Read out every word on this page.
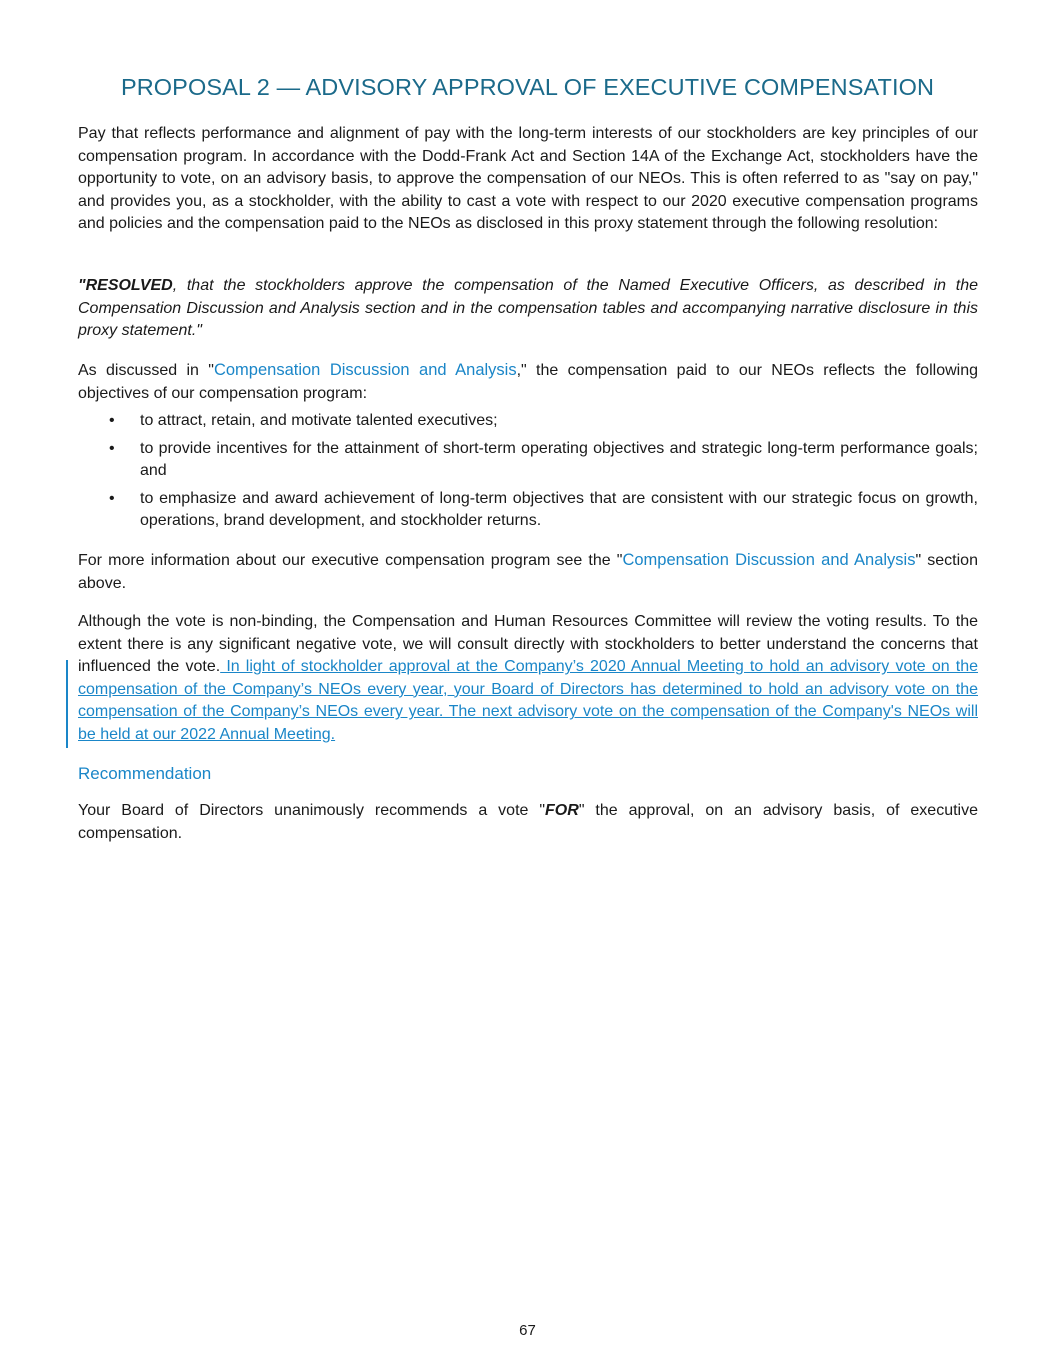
PROPOSAL 2 — ADVISORY APPROVAL OF EXECUTIVE COMPENSATION

Pay that reflects performance and alignment of pay with the long-term interests of our stockholders are key principles of our compensation program. In accordance with the Dodd-Frank Act and Section 14A of the Exchange Act, stockholders have the opportunity to vote, on an advisory basis, to approve the compensation of our NEOs. This is often referred to as "say on pay," and provides you, as a stockholder, with the ability to cast a vote with respect to our 2020 executive compensation programs and policies and the compensation paid to the NEOs as disclosed in this proxy statement through the following resolution:

"RESOLVED, that the stockholders approve the compensation of the Named Executive Officers, as described in the Compensation Discussion and Analysis section and in the compensation tables and accompanying narrative disclosure in this proxy statement."

As discussed in "Compensation Discussion and Analysis," the compensation paid to our NEOs reflects the following objectives of our compensation program:

• to attract, retain, and motivate talented executives;
• to provide incentives for the attainment of short-term operating objectives and strategic long-term performance goals; and
• to emphasize and award achievement of long-term objectives that are consistent with our strategic focus on growth, operations, brand development, and stockholder returns.

For more information about our executive compensation program see the "Compensation Discussion and Analysis" section above.

Although the vote is non-binding, the Compensation and Human Resources Committee will review the voting results. To the extent there is any significant negative vote, we will consult directly with stockholders to better understand the concerns that influenced the vote. In light of stockholder approval at the Company’s 2020 Annual Meeting to hold an advisory vote on the compensation of the Company’s NEOs every year, your Board of Directors has determined to hold an advisory vote on the compensation of the Company’s NEOs every year. The next advisory vote on the compensation of the Company's NEOs will be held at our 2022 Annual Meeting.

Recommendation

Your Board of Directors unanimously recommends a vote "FOR" the approval, on an advisory basis, of executive compensation.

67
